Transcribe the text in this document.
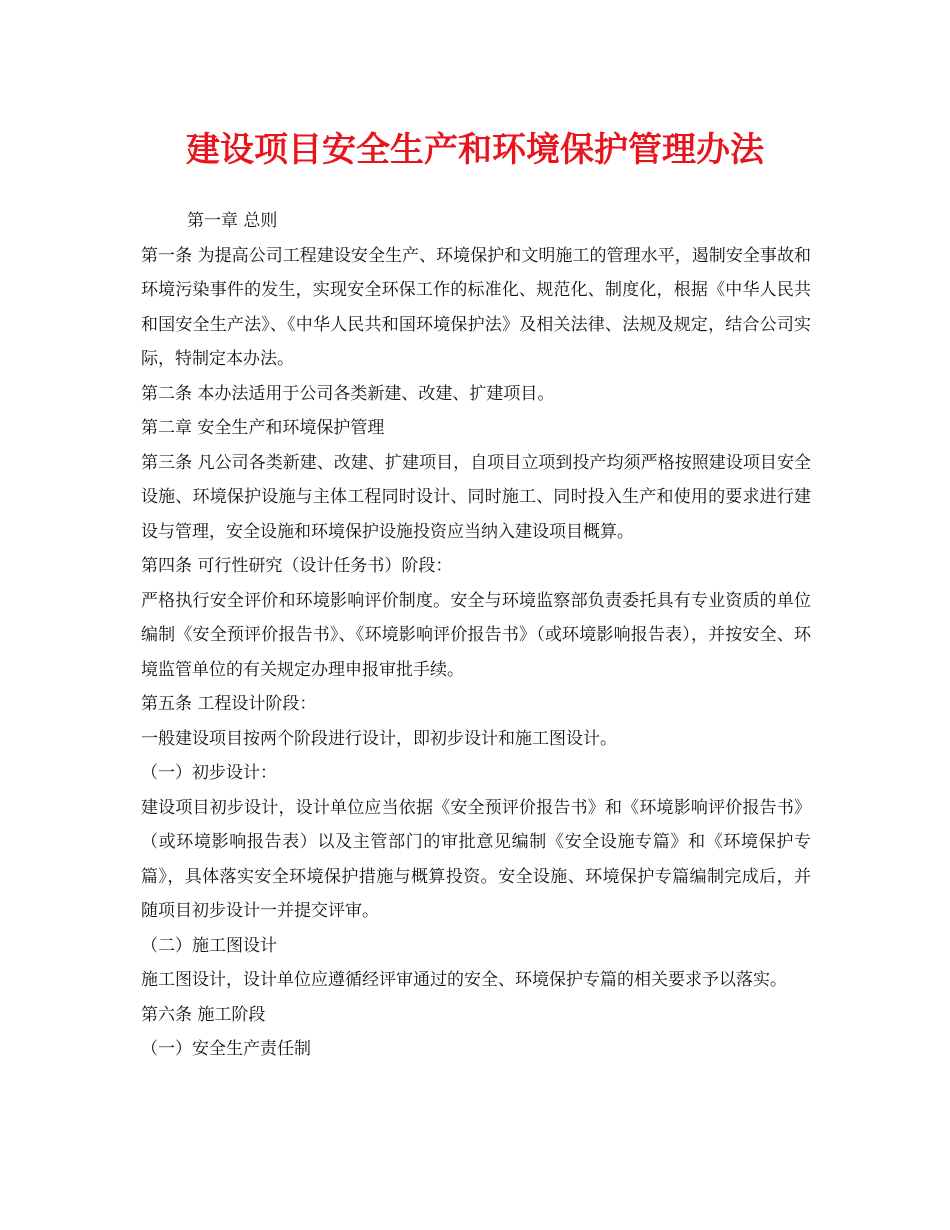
建设项目安全生产和环境保护管理办法

第一章 总则

第一条 为提高公司工程建设安全生产、环境保护和文明施工的管理水平，遏制安全事故和环境污染事件的发生，实现安全环保工作的标准化、规范化、制度化，根据《中华人民共和国安全生产法》、《中华人民共和国环境保护法》及相关法律、法规及规定，结合公司实际，特制定本办法。

第二条 本办法适用于公司各类新建、改建、扩建项目。

第二章 安全生产和环境保护管理

第三条 凡公司各类新建、改建、扩建项目，自项目立项到投产均须严格按照建设项目安全设施、环境保护设施与主体工程同时设计、同时施工、同时投入生产和使用的要求进行建设与管理，安全设施和环境保护设施投资应当纳入建设项目概算。

第四条 可行性研究（设计任务书）阶段：

严格执行安全评价和环境影响评价制度。安全与环境监察部负责委托具有专业资质的单位编制《安全预评价报告书》、《环境影响评价报告书》（或环境影响报告表），并按安全、环境监管单位的有关规定办理申报审批手续。

第五条 工程设计阶段：

一般建设项目按两个阶段进行设计，即初步设计和施工图设计。

（一）初步设计：

建设项目初步设计，设计单位应当依据《安全预评价报告书》和《环境影响评价报告书》（或环境影响报告表）以及主管部门的审批意见编制《安全设施专篇》和《环境保护专篇》，具体落实安全环境保护措施与概算投资。安全设施、环境保护专篇编制完成后，并随项目初步设计一并提交评审。

（二）施工图设计

施工图设计，设计单位应遵循经评审通过的安全、环境保护专篇的相关要求予以落实。

第六条 施工阶段

（一）安全生产责任制
